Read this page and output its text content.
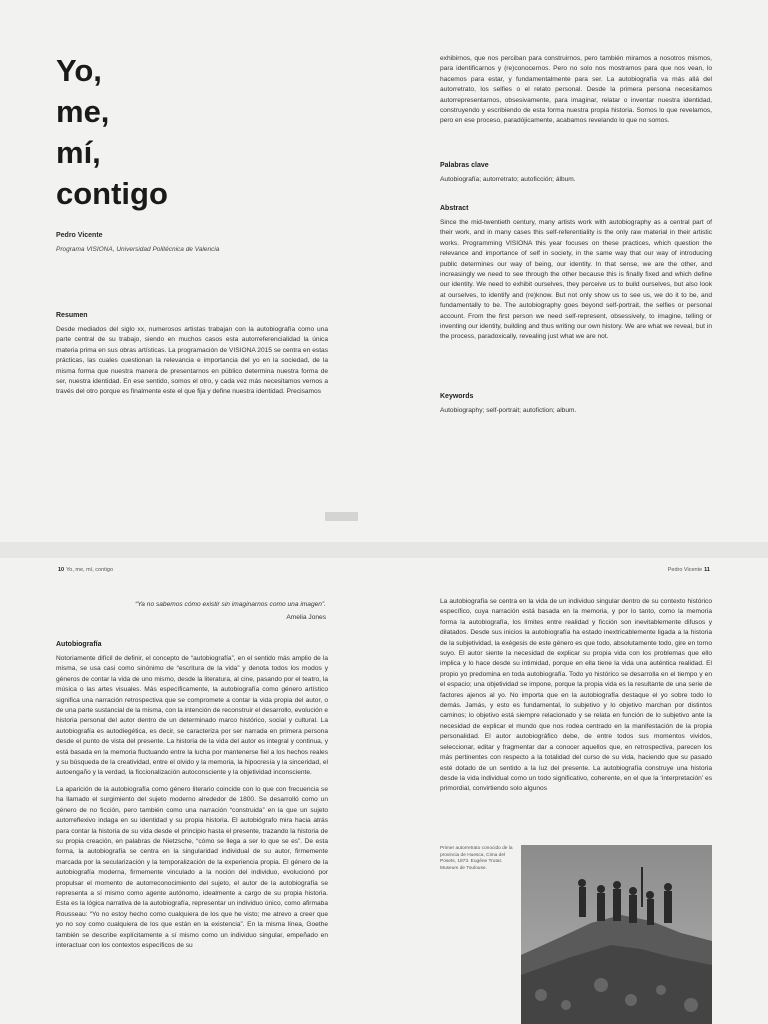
Yo,
me,
mí,
contigo
Pedro Vicente
Programa VISIONA, Universidad Politécnica de Valencia

Resumen

Desde mediados del siglo xx, numerosos artistas trabajan con la autobiografía como una parte central de su trabajo, siendo en muchos casos esta autorreferencialidad la única materia prima en sus obras artísticas. La programación de VISIONA 2015 se centra en estas prácticas, las cuales cuestionan la relevancia e importancia del yo en la sociedad, de la misma forma que nuestra manera de presentarnos en público determina nuestra forma de ser, nuestra identidad. En ese sentido, somos el otro, y cada vez más necesitamos vernos a través del otro porque es finalmente este el que fija y define nuestra identidad. Precisamos

exhibirnos, que nos perciban para construirnos, pero también miramos a nosotros mismos, para identificarnos y (re)conocernos. Pero no solo nos mostramos para que nos vean, lo hacemos para estar, y fundamentalmente para ser. La autobiografía va más allá del autorretrato, los selfies o el relato personal. Desde la primera persona necesitamos autorrepresentarnos, obsesivamente, para imaginar, relatar o inventar nuestra identidad, construyendo y escribiendo de esta forma nuestra propia historia. Somos lo que revelamos, pero en ese proceso, paradójicamente, acabamos revelando lo que no somos.

Palabras clave

Autobiografía; autorretrato; autoficción; álbum.

Abstract

Since the mid-twentieth century, many artists work with autobiography as a central part of their work, and in many cases this self-referentiality is the only raw material in their artistic works. Programming VISIONA this year focuses on these practices, which question the relevance and importance of self in society, in the same way that our way of introducing public determines our way of being, our identity. In that sense, we are the other, and increasingly we need to see through the other because this is finally fixed and which define our identity. We need to exhibit ourselves, they perceive us to build ourselves, but also look at ourselves, to identify and (re)know. But not only show us to see us, we do it to be, and fundamentally to be. The autobiography goes beyond self-portrait, the selfies or personal account. From the first person we need self-represent, obsessively, to imagine, telling or inventing our identity, building and thus writing our own history. We are what we reveal, but in the process, paradoxically, revealing just what we are not.

Keywords

Autobiography; self-portrait; autofiction; album.

10 Yo, me, mí, contigo	Pedro Vicente 11
“Ya no sabemos cómo existir sin imaginarnos como una imagen”.
Amelia Jones

Autobiografía

Notoriamente difícil de definir, el concepto de “autobiografía”, en el sentido más amplio de la misma, se usa casi como sinónimo de “escritura de la vida” y denota todos los modos y géneros de contar la vida de uno mismo, desde la literatura, al cine, pasando por el teatro, la música o las artes visuales. Más específicamente, la autobiografía como género artístico significa una narración retrospectiva que se compromete a contar la vida propia del autor, o de una parte sustancial de la misma, con la intención de reconstruir el desarrollo, evolución e historia personal del autor dentro de un determinado marco histórico, social y cultural. La autobiografía es autodiegética, es decir, se caracteriza por ser narrada en primera persona desde el punto de vista del presente. La historia de la vida del autor es integral y continua, y está basada en la memoria fluctuando entre la lucha por mantenerse fiel a los hechos reales y su búsqueda de la creatividad, entre el olvido y la memoria, la hipocresía y la sinceridad, el autoengaño y la verdad, la ficcionalización autoconsciente y la objetividad inconsciente.

La aparición de la autobiografía como género literario coincide con lo que con frecuencia se ha llamado el surgimiento del sujeto moderno alrededor de 1800. Se desarrolló como un género de no ficción, pero también como una narración “construida” en la que un sujeto autorreflexivo indaga en su identidad y su propia historia. El autobiógrafo mira hacia atrás para contar la historia de su vida desde el principio hasta el presente, trazando la historia de su propia creación, en palabras de Nietzsche, “cómo se llega a ser lo que se es”. De esta forma, la autobiografía se centra en la singularidad individual de su autor, firmemente marcada por la secularización y la temporalización de la experiencia propia. El género de la autobiografía moderna, firmemente vinculado a la noción del individuo, evolucionó por propulsar el momento de autorreconocimiento del sujeto, el autor de la autobiografía se representa a sí mismo como agente autónomo, idealmente a cargo de su propia historia. Esta es la lógica narrativa de la autobiografía, representar un individuo único, como afirmaba Rousseau: “Yo no estoy hecho como cualquiera de los que he visto; me atrevo a creer que yo no soy como cualquiera de los que están en la existencia”. En la misma línea, Goethe también se describe explícitamente a sí mismo como un individuo singular, empeñado en interactuar con los contextos específicos de su

La autobiografía se centra en la vida de un individuo singular dentro de su contexto histórico específico, cuya narración está basada en la memoria, y por lo tanto, como la memoria forma la autobiografía, los límites entre realidad y ficción son inevitablemente difusos y dilatados. Desde sus inicios la autobiografía ha estado inextricablemente ligada a la historia de la subjetividad, la exégesis de este género es que todo, absolutamente todo, gire en torno suyo. El autor siente la necesidad de explicar su propia vida con los problemas que ello implica y lo hace desde su intimidad, porque en ella tiene la vida una auténtica realidad. El propio yo predomina en toda autobiografía. Todo yo histórico se desarrolla en el tiempo y en el espacio; una objetividad se impone, porque la propia vida es la resultante de una serie de factores ajenos al yo. No importa que en la autobiografía destaque el yo sobre todo lo demás. Jamás, y esto es fundamental, lo subjetivo y lo objetivo marchan por distintos caminos; lo objetivo está siempre relacionado y se relata en función de lo subjetivo ante la necesidad de explicar el mundo que nos rodea centrado en la manifestación de la propia personalidad. El autor autobiográfico debe, de entre todos sus momentos vividos, seleccionar, editar y fragmentar dar a conocer aquellos que, en retrospectiva, parecen los más pertinentes con respecto a la totalidad del curso de su vida, haciendo que su pasado esté dotado de un sentido a la luz del presente. La autobiografía construye una historia desde la vida individual como un todo significativo, coherente, en el que la ‘interpretación’ es primordial, convirtiendo solo algunos

Primer autorretrato conocido de la provincia de Huesca, Cima del Posets, 1873. Eugène Trutat. Museum de Toulouse.
